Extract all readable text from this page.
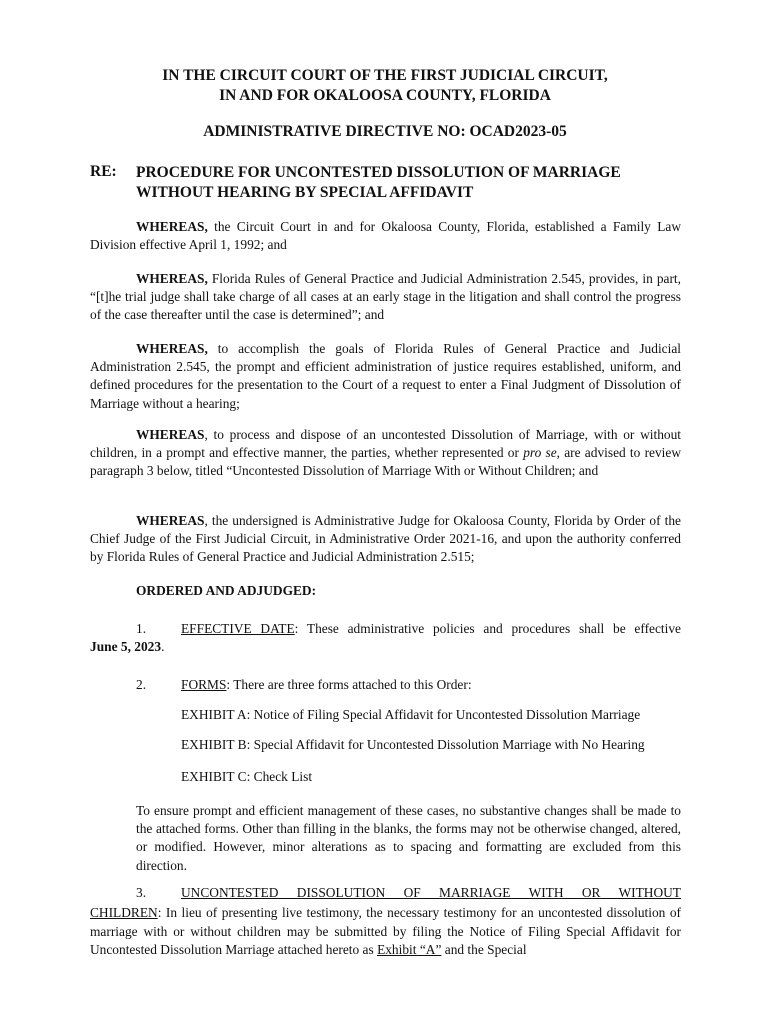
IN THE CIRCUIT COURT OF THE FIRST JUDICIAL CIRCUIT,
IN AND FOR OKALOOSA COUNTY, FLORIDA
ADMINISTRATIVE DIRECTIVE NO: OCAD2023-05
RE: PROCEDURE FOR UNCONTESTED DISSOLUTION OF MARRIAGE
WITHOUT HEARING BY SPECIAL AFFIDAVIT
WHEREAS, the Circuit Court in and for Okaloosa County, Florida, established a Family Law Division effective April 1, 1992; and
WHEREAS, Florida Rules of General Practice and Judicial Administration 2.545, provides, in part, “[t]he trial judge shall take charge of all cases at an early stage in the litigation and shall control the progress of the case thereafter until the case is determined”; and
WHEREAS, to accomplish the goals of Florida Rules of General Practice and Judicial Administration 2.545, the prompt and efficient administration of justice requires established, uniform, and defined procedures for the presentation to the Court of a request to enter a Final Judgment of Dissolution of Marriage without a hearing;
WHEREAS, to process and dispose of an uncontested Dissolution of Marriage, with or without children, in a prompt and effective manner, the parties, whether represented or pro se, are advised to review paragraph 3 below, titled “Uncontested Dissolution of Marriage With or Without Children; and
WHEREAS, the undersigned is Administrative Judge for Okaloosa County, Florida by Order of the Chief Judge of the First Judicial Circuit, in Administrative Order 2021-16, and upon the authority conferred by Florida Rules of General Practice and Judicial Administration 2.515;
ORDERED AND ADJUDGED:
1.	EFFECTIVE DATE: These administrative policies and procedures shall be effective
June 5, 2023.
2.	FORMS: There are three forms attached to this Order:
EXHIBIT A: Notice of Filing Special Affidavit for Uncontested Dissolution Marriage
EXHIBIT B: Special Affidavit for Uncontested Dissolution Marriage with No Hearing
EXHIBIT C: Check List
To ensure prompt and efficient management of these cases, no substantive changes shall be made to the attached forms. Other than filling in the blanks, the forms may not be otherwise changed, altered, or modified. However, minor alterations as to spacing and formatting are excluded from this direction.
3.	UNCONTESTED DISSOLUTION OF MARRIAGE WITH OR WITHOUT
CHILDREN: In lieu of presenting live testimony, the necessary testimony for an uncontested dissolution of marriage with or without children may be submitted by filing the Notice of Filing Special Affidavit for Uncontested Dissolution Marriage attached hereto as Exhibit “A” and the Special
